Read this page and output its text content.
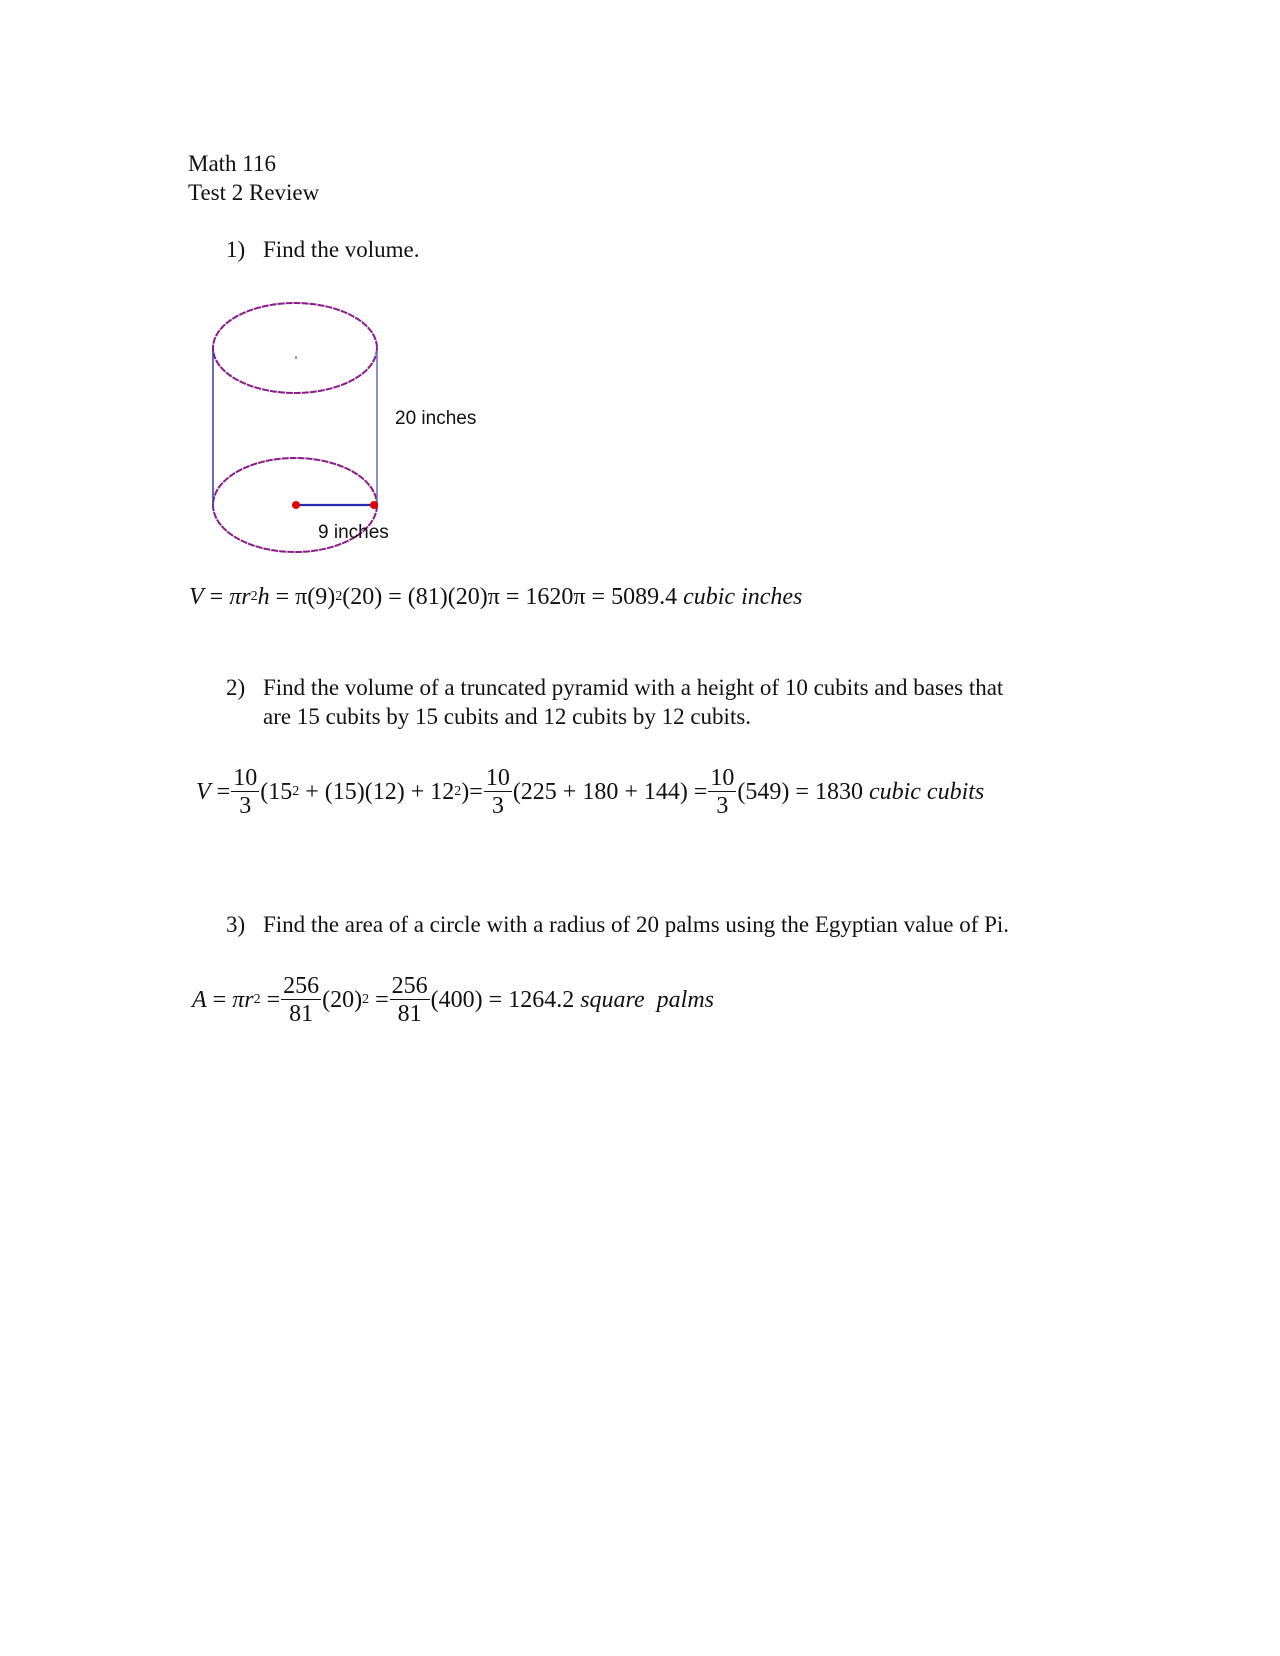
Math 116
Test 2 Review
1) Find the volume.
20 inches
9 inches
V = πr 2 h = π(9) 2 (20) = (81)(20)π = 1620π = 5089.4 cubic inches
2) Find the volume of a truncated pyramid with a height of 10 cubits and bases that
are 15 cubits by 15 cubits and 12 cubits by 12 cubits.
$V = \frac{10}{3} (15$ 2 + (15)(12) + 12 2 ) = $\frac{10}{3} (225 + 180 + 144) = \frac{10}{3} (549) = 1830$ cubic cubits
3) Find the area of a circle with a radius of 20 palms using the Egyptian value of Pi.
A = πr $2 = \frac{256}{81} (20) 2 = \frac{256}{81} (400) = 1264.2$ square  palms
